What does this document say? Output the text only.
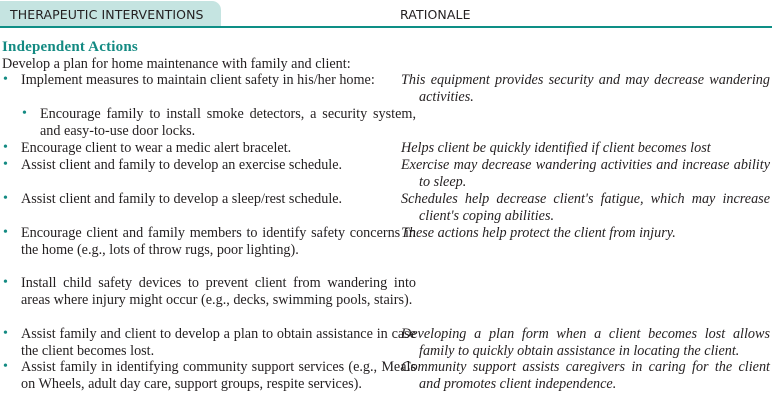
THERAPEUTIC INTERVENTIONS	RATIONALE
Independent Actions
Develop a plan for home maintenance with family and client:
• Implement measures to maintain client safety in his/her home:
• Encourage family to install smoke detectors, a security system, and easy-to-use door locks.
• Encourage client to wear a medic alert bracelet.
• Assist client and family to develop an exercise schedule.
• Assist client and family to develop a sleep/rest schedule.
• Encourage client and family members to identify safety concerns in the home (e.g., lots of throw rugs, poor lighting).
• Install child safety devices to prevent client from wandering into areas where injury might occur (e.g., decks, swimming pools, stairs).
• Assist family and client to develop a plan to obtain assistance in case the client becomes lost.
• Assist family in identifying community support services (e.g., Meals on Wheels, adult day care, support groups, respite services).
This equipment provides security and may decrease wandering activities.
Helps client be quickly identified if client becomes lost
Exercise may decrease wandering activities and increase ability to sleep.
Schedules help decrease client's fatigue, which may increase client's coping abilities.
These actions help protect the client from injury.
Developing a plan form when a client becomes lost allows family to quickly obtain assistance in locating the client.
Community support assists caregivers in caring for the client and promotes client independence.
